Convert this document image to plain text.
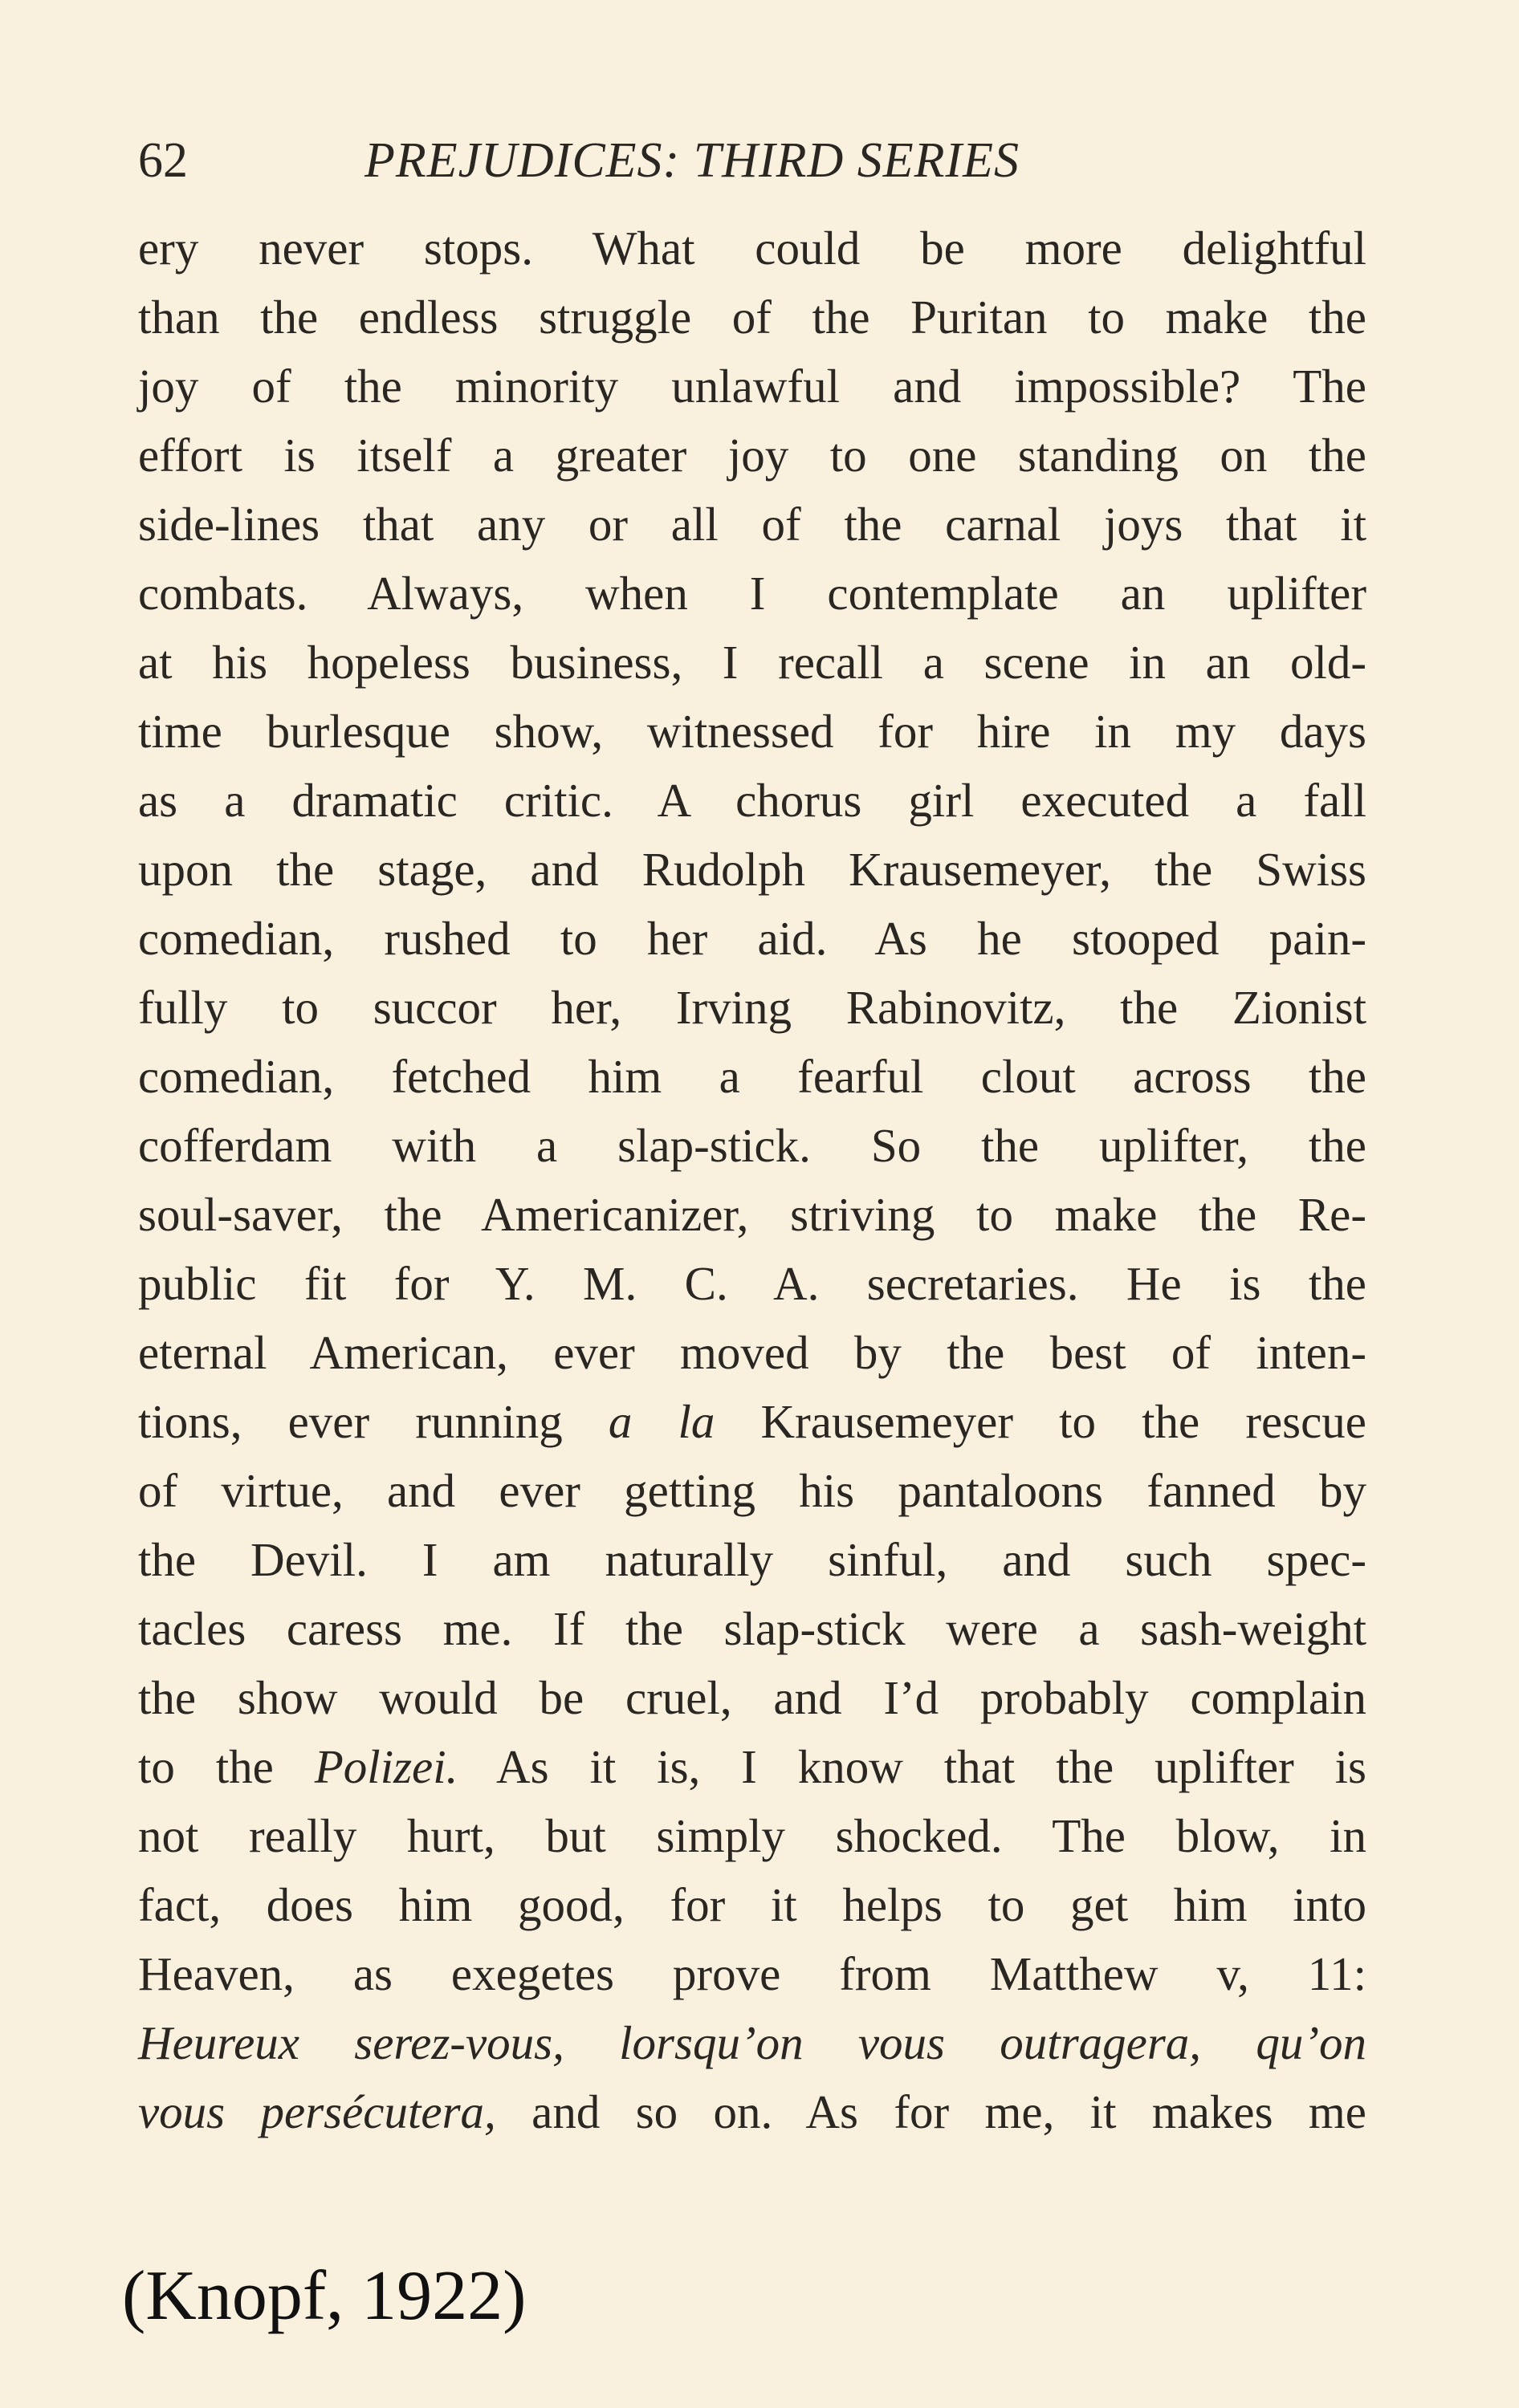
62	PREJUDICES: THIRD SERIES
ery never stops. What could be more delightful
than the endless struggle of the Puritan to make the
joy of the minority unlawful and impossible? The
effort is itself a greater joy to one standing on the
side-lines that any or all of the carnal joys that it
combats. Always, when I contemplate an uplifter
at his hopeless business, I recall a scene in an old-
time burlesque show, witnessed for hire in my days
as a dramatic critic. A chorus girl executed a fall
upon the stage, and Rudolph Krausemeyer, the Swiss
comedian, rushed to her aid. As he stooped pain-
fully to succor her, Irving Rabinovitz, the Zionist
comedian, fetched him a fearful clout across the
cofferdam with a slap-stick. So the uplifter, the
soul-saver, the Americanizer, striving to make the Re-
public fit for Y. M. C. A. secretaries. He is the
eternal American, ever moved by the best of inten-
tions, ever running a la Krausemeyer to the rescue
of virtue, and ever getting his pantaloons fanned by
the Devil. I am naturally sinful, and such spec-
tacles caress me. If the slap-stick were a sash-weight
the show would be cruel, and I’d probably complain
to the Polizei. As it is, I know that the uplifter is
not really hurt, but simply shocked. The blow, in
fact, does him good, for it helps to get him into
Heaven, as exegetes prove from Matthew v, 11:
Heureux serez-vous, lorsqu’on vous outragera, qu’on
vous persécutera, and so on. As for me, it makes me
(Knopf, 1922)
